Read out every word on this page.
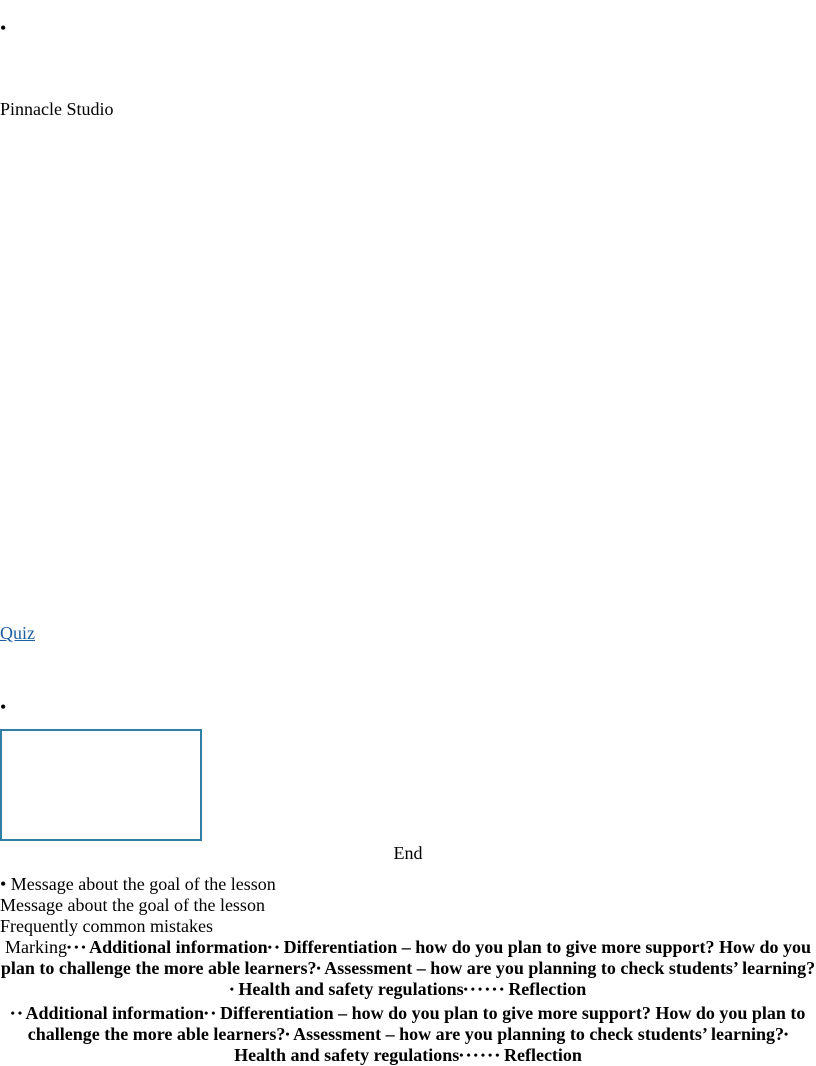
•
Pinnacle Studio
Quiz
•
End
• Message about the goal of the lesson
Message about the goal of the lesson
Frequently common mistakes
Marking• • • Additional information• • Differentiation – how do you plan to give more support? How do you plan to challenge the more able learners?• Assessment – how are you planning to check students’ learning?• Health and safety regulations• • • • • • Reflection
• • Additional information• • Differentiation – how do you plan to give more support? How do you plan to challenge the more able learners?• Assessment – how are you planning to check students’ learning?• Health and safety regulations• • • • • • Reflection
